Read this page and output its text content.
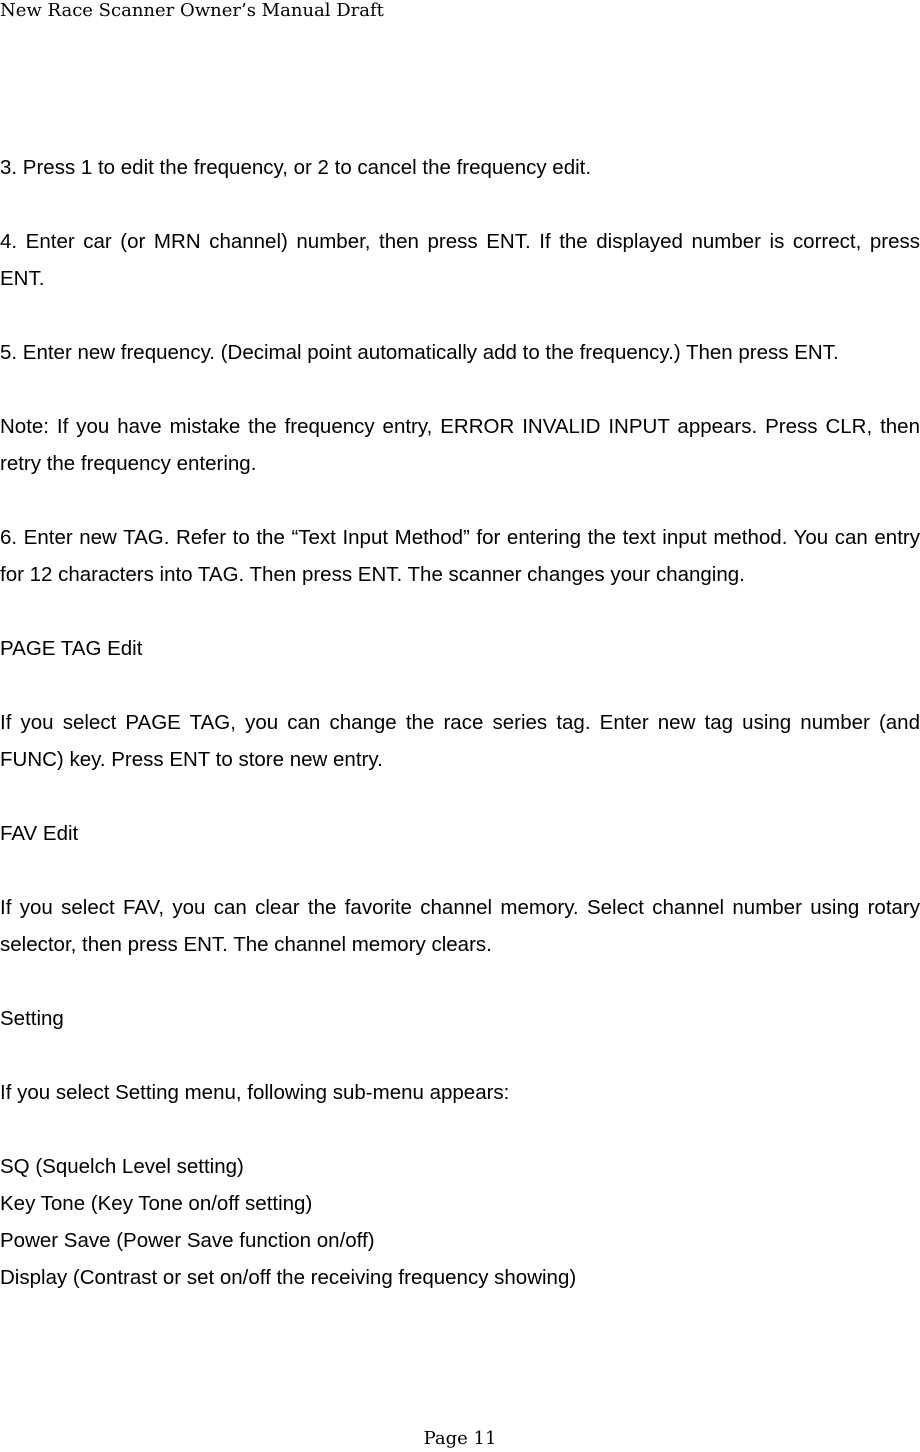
New Race Scanner Owner’s Manual Draft

3. Press 1 to edit the frequency, or 2 to cancel the frequency edit.

4. Enter car (or MRN channel) number, then press ENT. If the displayed number is correct, press ENT.

5. Enter new frequency. (Decimal point automatically add to the frequency.) Then press ENT.

Note: If you have mistake the frequency entry, ERROR INVALID INPUT appears. Press CLR, then retry the frequency entering.

6. Enter new TAG. Refer to the “Text Input Method” for entering the text input method. You can entry for 12 characters into TAG. Then press ENT. The scanner changes your changing.

PAGE TAG Edit

If you select PAGE TAG, you can change the race series tag. Enter new tag using number (and FUNC) key. Press ENT to store new entry.

FAV Edit

If you select FAV, you can clear the favorite channel memory. Select channel number using rotary selector, then press ENT. The channel memory clears.

Setting

If you select Setting menu, following sub-menu appears:

SQ (Squelch Level setting)
Key Tone (Key Tone on/off setting)
Power Save (Power Save function on/off)
Display (Contrast or set on/off the receiving frequency showing)
Page 11
